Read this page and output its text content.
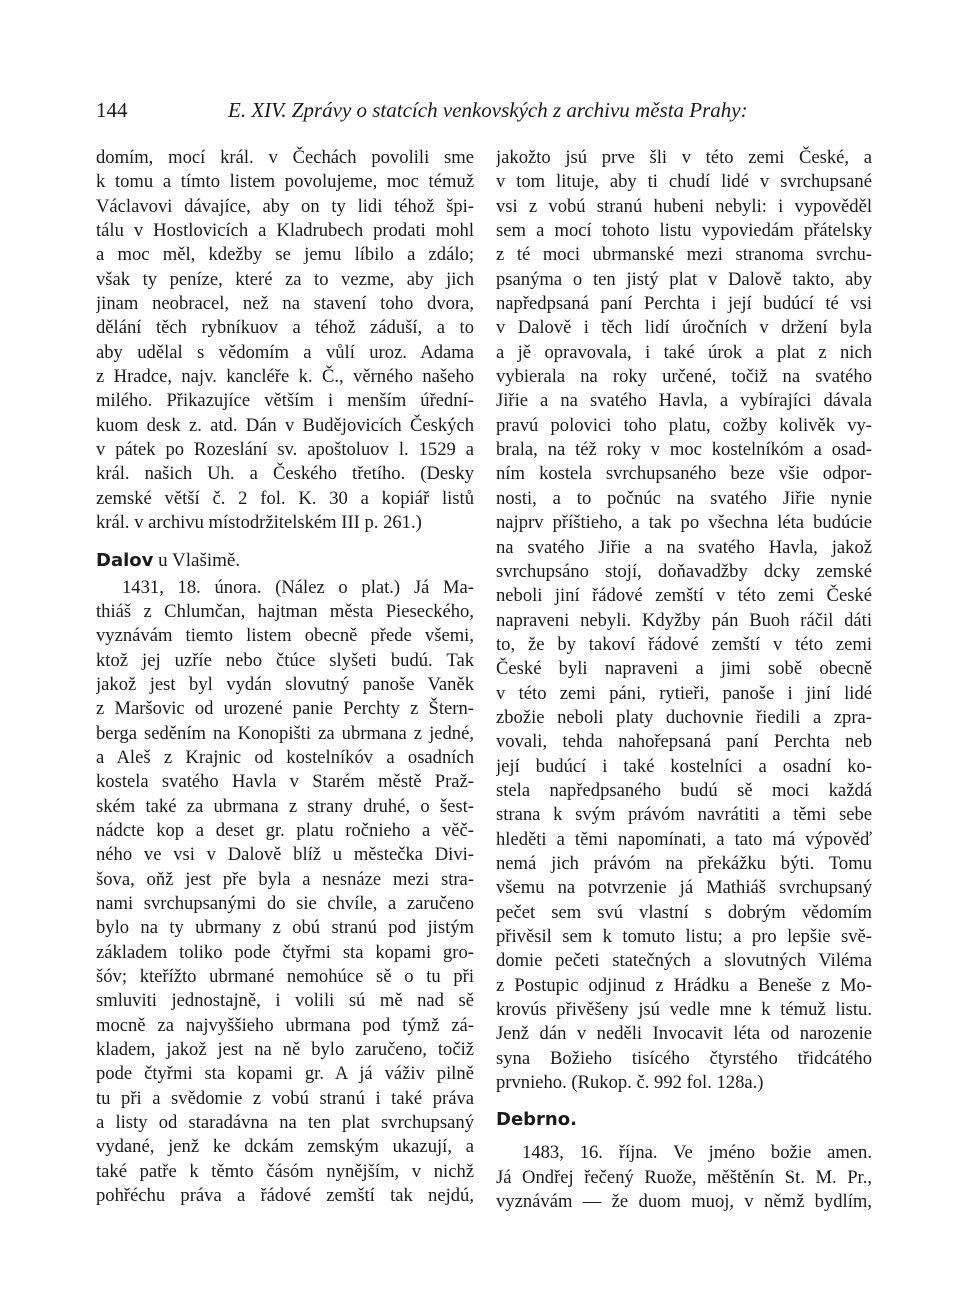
144	E. XIV. Zprávy o statcích venkovských z archivu města Prahy:
domím, mocí král. v Čechách povolili sme
k tomu a tímto listem povolujeme, moc témuž
Václavovi dávajíce, aby on ty lidi téhož špi-
tálu v Hostlovicích a Kladrubech prodati mohl
a moc měl, kdežby se jemu líbilo a zdálo;
však ty peníze, které za to vezme, aby jich
jinam neobracel, než na stavení toho dvora,
dělání těch rybníkuov a téhož záduší, a to
aby udělal s vědomím a vůlí uroz. Adama
z Hradce, najv. kancléře k. Č., věrného našeho
milého. Přikazujíce větším i menším úřední-
kuom desk z. atd. Dán v Budějovicích Českých
v pátek po Rozeslání sv. apoštoluov l. 1529 a
král. našich Uh. a Českého třetího. (Desky
zemské větší č. 2 fol. K. 30 a kopiář listů
král. v archivu místodržitelském III p. 261.)
Dalov u Vlašimě.
1431, 18. února. (Nález o plat.) Já Ma-
thiáš z Chlumčan, hajtman města Pieseckého,
vyznávám tiemto listem obecně přede všemi,
ktož jej uzříe nebo čtúce slyšeti budú. Tak
jakož jest byl vydán slovutný panoše Vaněk
z Maršovic od urozené panie Perchty z Štern-
berga seděním na Konopišti za ubrmana z jedné,
a Aleš z Krajnic od kostelníkóv a osadních
kostela svatého Havla v Starém městě Praž-
ském také za ubrmana z strany druhé, o šest-
nádcte kop a deset gr. platu ročnieho a věč-
ného ve vsi v Dalově blíž u městečka Divi-
šova, oňž jest pře byla a nesnáze mezi stra-
nami svrchupsanými do sie chvíle, a zaručeno
bylo na ty ubrmany z obú stranú pod jistým
základem toliko pode čtyřmi sta kopami gro-
šóv; kteřížto ubrmané nemohúce sě o tu při
smluviti jednostajně, i volili sú mě nad sě
mocně za najvyššieho ubrmana pod týmž zá-
kladem, jakož jest na ně bylo zaručeno, točiž
pode čtyřmi sta kopami gr. A já váživ pilně
tu při a svědomie z vobú stranú i také práva
a listy od staradávna na ten plat svrchupsaný
vydané, jenž ke dckám zemským ukazují, a
také patře k těmto čásóm nynějším, v nichž
pohřéchu práva a řádové zemští tak nejdú,
jakožto jsú prve šli v této zemi České, a
v tom lituje, aby ti chudí lidé v svrchupsané
vsi z vobú stranú hubeni nebyli: i vypověděl
sem a mocí tohoto listu vypoviedám přátelsky
z té moci ubrmanské mezi stranoma svrchu-
psanýma o ten jistý plat v Dalově takto, aby
napředpsaná paní Perchta i její budúcí té vsi
v Dalově i těch lidí úročních v držení byla
a jě opravovala, i také úrok a plat z nich
vybierala na roky určené, točiž na svatého
Jiřie a na svatého Havla, a vybírajíci dávala
pravú polovici toho platu, cožby kolivěk vy-
brala, na též roky v moc kostelníkóm a osad-
ním kostela svrchupsaného beze všie odpor-
nosti, a to počnúc na svatého Jiřie nynie
najprv příštieho, a tak po všechna léta budúcie
na svatého Jiřie a na svatého Havla, jakož
svrchupsáno stojí, doňavadžby dcky zemské
neboli jiní řádové zemští v této zemi České
napraveni nebyli. Kdyžby pán Buoh ráčil dáti
to, že by takoví řádové zemští v této zemi
České byli napraveni a jimi sobě obecně
v této zemi páni, rytieři, panoše i jiní lidé
zbožie neboli platy duchovnie řiedili a zpra-
vovali, tehda nahořepsaná paní Perchta neb
její budúcí i také kostelníci a osadní ko-
stela napředpsaného budú sě moci každá
strana k svým právóm navrátiti a těmi sebe
hleděti a těmi napomínati, a tato má výpověď
nemá jich právóm na překážku býti. Tomu
všemu na potvrzenie já Mathiáš svrchupsaný
pečet sem svú vlastní s dobrým vědomím
přivěsil sem k tomuto listu; a pro lepšie svě-
domie pečeti statečných a slovutných Viléma
z Postupic odjinud z Hrádku a Beneše z Mo-
krovús přivěšeny jsú vedle mne k témuž listu.
Jenž dán v neděli Invocavit léta od narozenie
syna Božieho tisícého čtyrstého třidcátého
prvnieho. (Rukop. č. 992 fol. 128a.)
Debrno.
1483, 16. října. Ve jméno božie amen.
Já Ondřej řečený Ruože, měštěnín St. M. Pr.,
vyznávám — že duom muoj, v němž bydlím,
